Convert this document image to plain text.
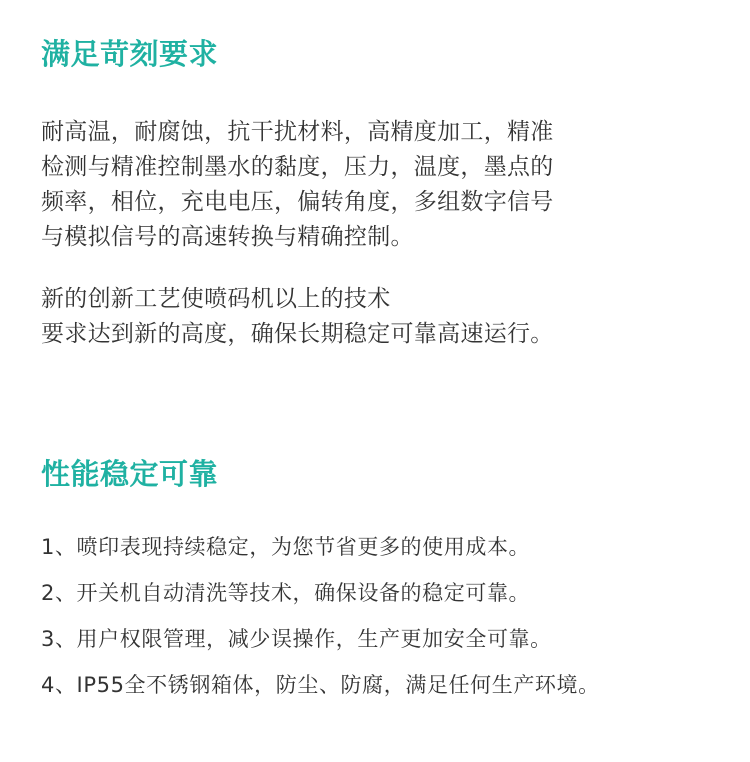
满足苛刻要求
耐高温，耐腐蚀，抗干扰材料，高精度加工，精准
检测与精准控制墨水的黏度，压力，温度，墨点的
频率，相位，充电电压，偏转角度，多组数字信号
与模拟信号的高速转换与精确控制。
新的创新工艺使喷码机以上的技术
要求达到新的高度，确保长期稳定可靠高速运行。
性能稳定可靠
1、喷印表现持续稳定，为您节省更多的使用成本。
2、开关机自动清洗等技术，确保设备的稳定可靠。
3、用户权限管理，减少误操作，生产更加安全可靠。
4、IP55全不锈钢箱体，防尘、防腐，满足任何生产环境。
